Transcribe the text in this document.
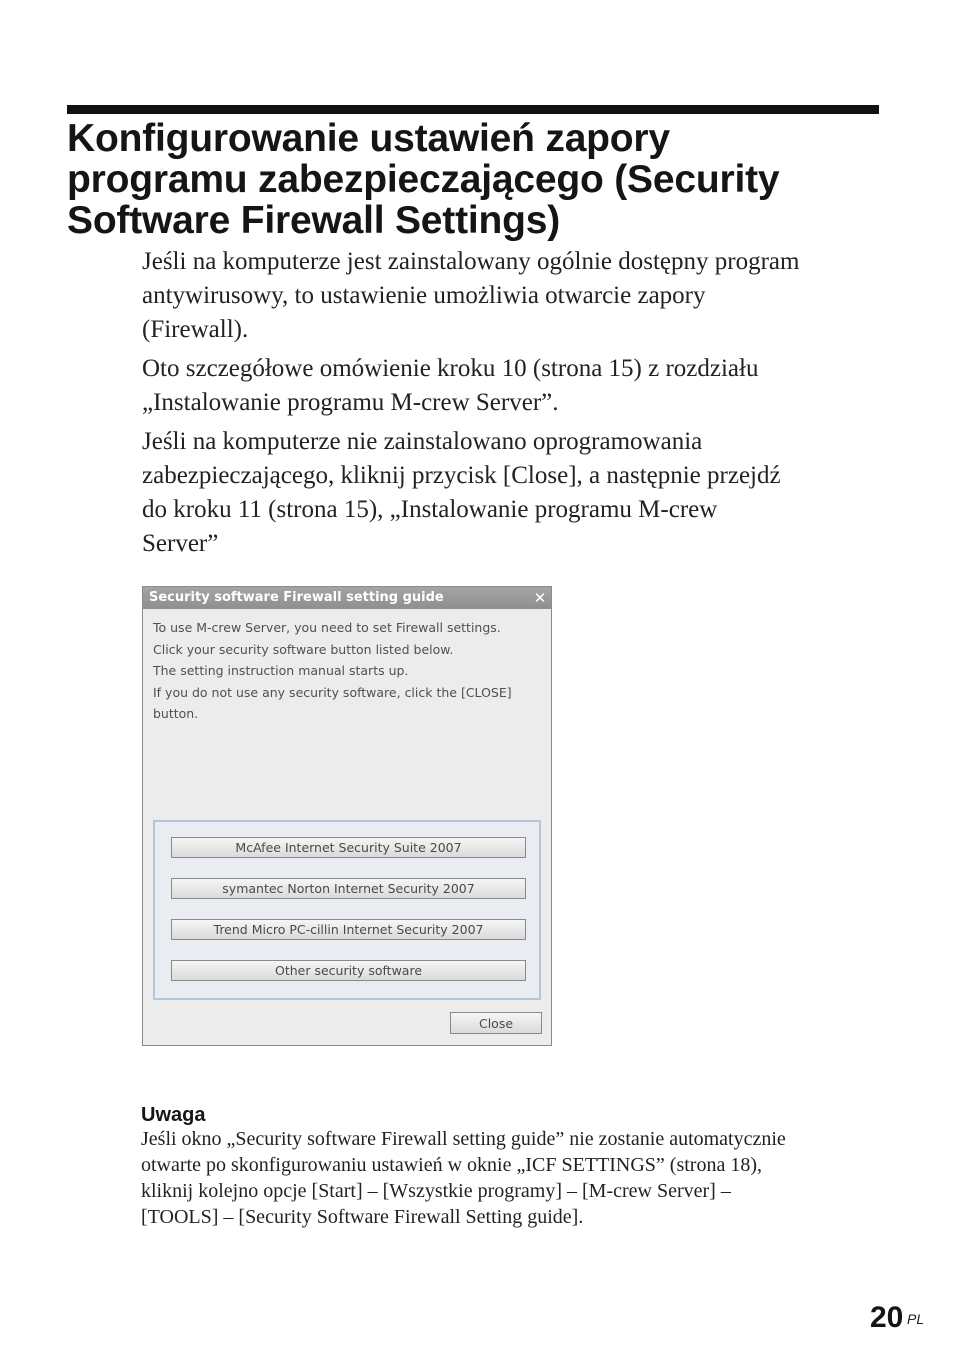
Konfigurowanie ustawień zapory
programu zabezpieczającego (Security
Software Firewall Settings)

Jeśli na komputerze jest zainstalowany ogólnie dostępny program
antywirusowy, to ustawienie umożliwia otwarcie zapory
(Firewall).

Oto szczegółowe omówienie kroku 10 (strona 15) z rozdziału
„Instalowanie programu M-crew Server”.

Jeśli na komputerze nie zainstalowano oprogramowania
zabezpieczającego, kliknij przycisk [Close], a następnie przejdź
do kroku 11 (strona 15), „Instalowanie programu M-crew
Server”

Security software Firewall setting guide	✕
To use M-crew Server, you need to set Firewall settings.
Click your security software button listed below.
The setting instruction manual starts up.
If you do not use any security software, click the [CLOSE]
button.
McAfee Internet Security Suite 2007
symantec Norton Internet Security 2007
Trend Micro PC-cillin Internet Security 2007
Other security software
Close
Uwaga

Jeśli okno „Security software Firewall setting guide” nie zostanie automatycznie
otwarte po skonfigurowaniu ustawień w oknie „ICF SETTINGS” (strona 18),
kliknij kolejno opcje [Start] – [Wszystkie programy] – [M-crew Server] –
[TOOLS] – [Security Software Firewall Setting guide].

20 PL
